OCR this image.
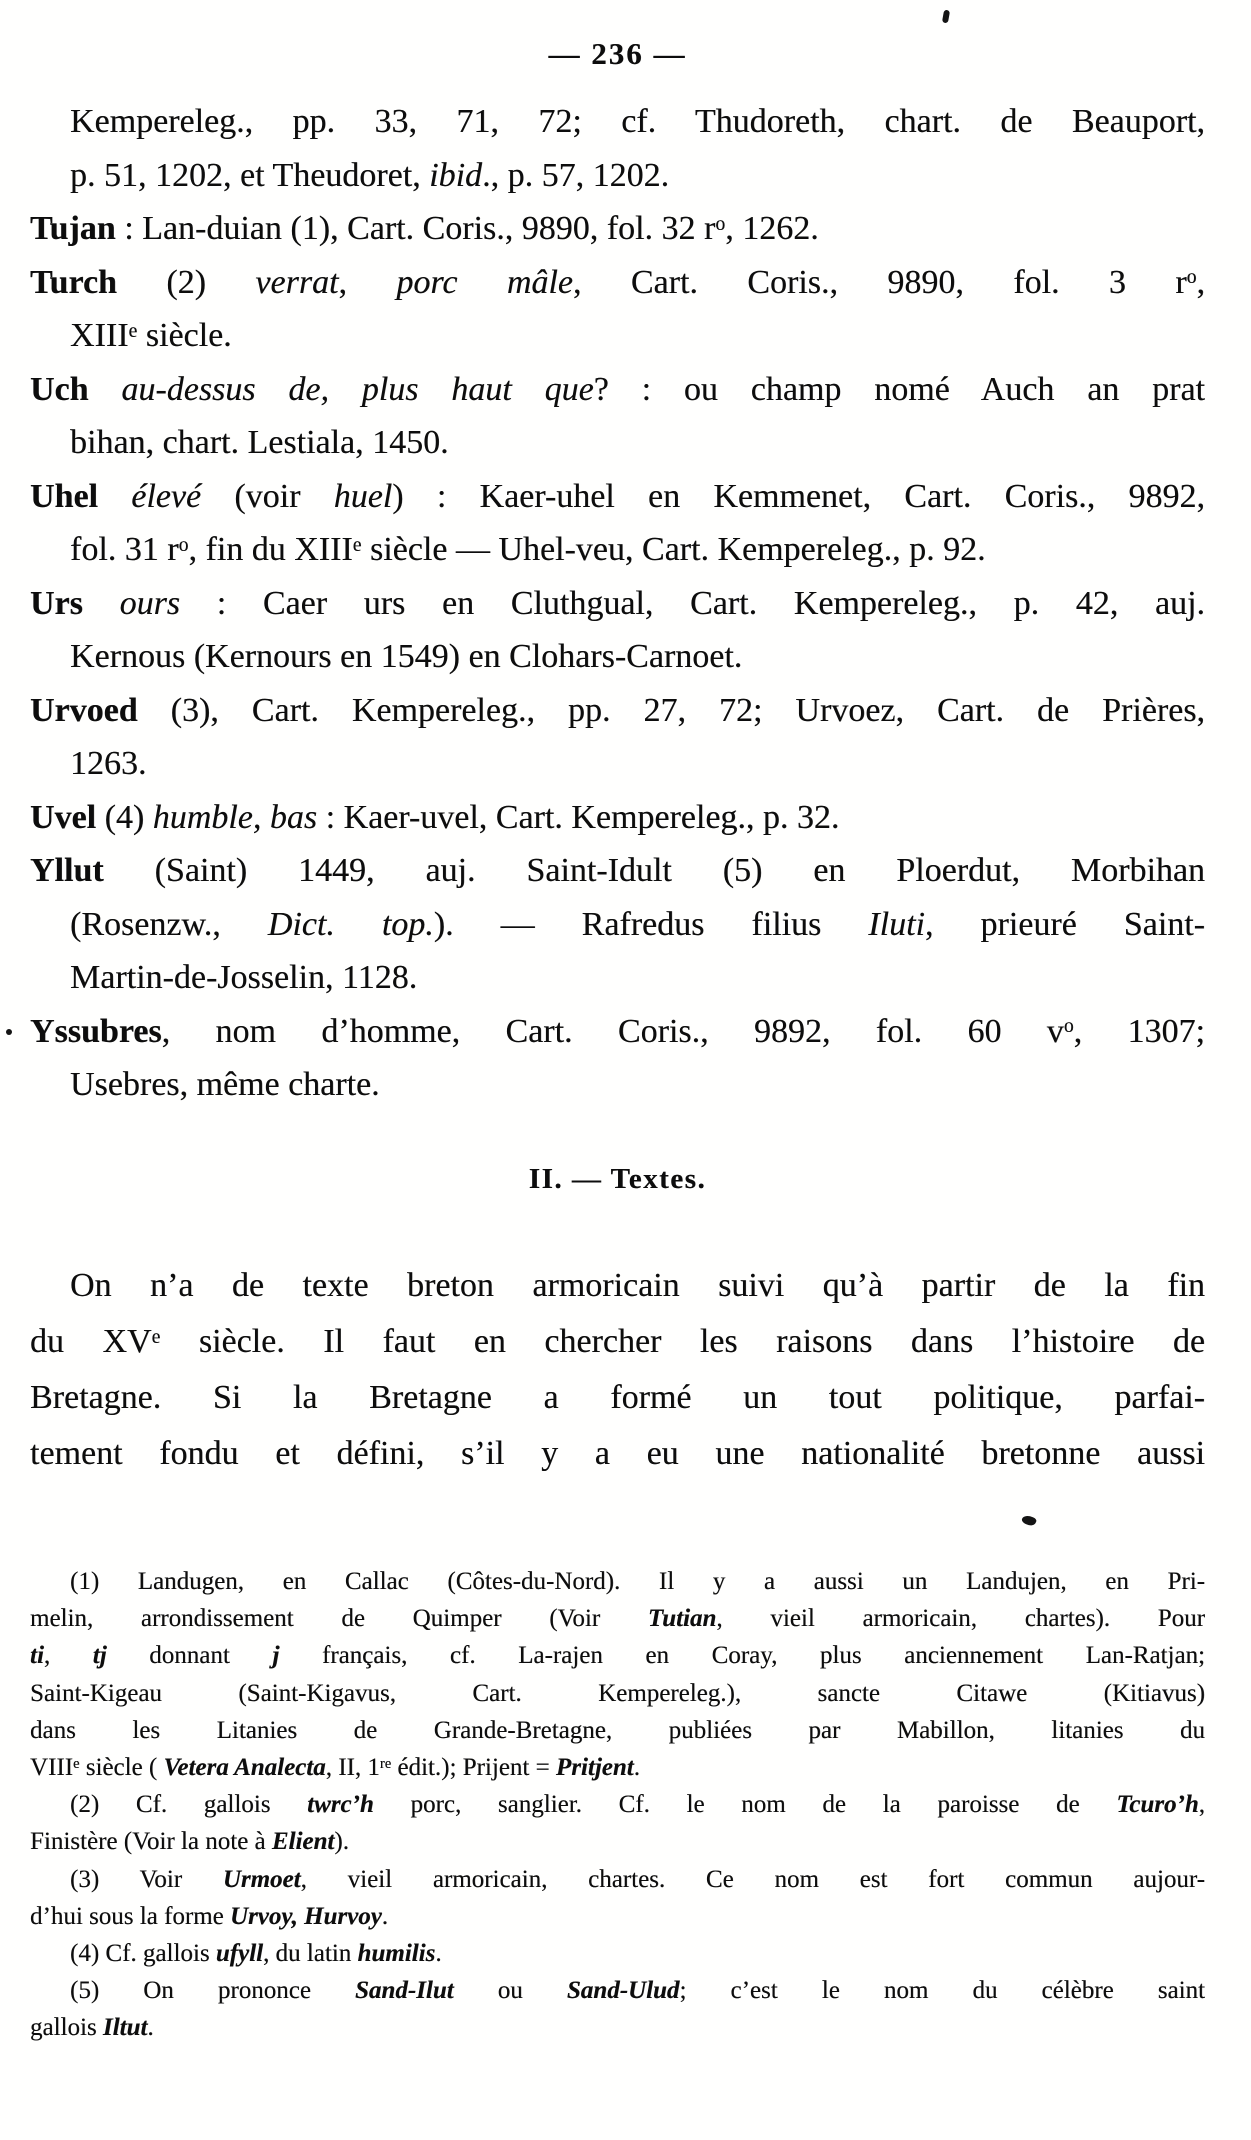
— 236 —
Kempereleg., pp. 33, 71, 72; cf. Thudoreth, chart. de Beauport,
p. 51, 1202, et Theudoret, ibid., p. 57, 1202.
Tujan : Lan-duian (1), Cart. Coris., 9890, fol. 32 $r^o$, 1262.
Turch (2) verrat, porc mâle, Cart. Coris., 9890, fol. 3 $r^o$,
XIIIe siècle.
Uch au-dessus de, plus haut que? : ou champ nomé Auch an prat
bihan, chart. Lestiala, 1450.
Uhel élevé (voir huel) : Kaer-uhel en Kemmenet, Cart. Coris., 9892,
fol. 31 $r^o$, fin du XIIIe siècle — Uhel-veu, Cart. Kempereleg., p. 92.
Urs ours : Caer urs en Cluthgual, Cart. Kempereleg., p. 42, auj.
Kernous (Kernours en 1549) en Clohars-Carnoet.
Urvoed (3), Cart. Kempereleg., pp. 27, 72; Urvoez, Cart. de Prières,
1263.
Uvel (4) humble, bas : Kaer-uvel, Cart. Kempereleg., p. 32.
Yllut (Saint) 1449, auj. Saint-Idult (5) en Ploerdut, Morbihan
(Rosenzw., Dict. top.). — Rafredus filius Iluti, prieuré Saint-
Martin-de-Josselin, 1128.
Yssubres, nom d’homme, Cart. Coris., 9892, fol. 60 $v^o$, 1307;
Usebres, même charte.
II. — Textes.
On n’a de texte breton armoricain suivi qu’à partir de la fin
du XVe siècle. Il faut en chercher les raisons dans l’histoire de
Bretagne. Si la Bretagne a formé un tout politique, parfai-
tement fondu et défini, s’il y a eu une nationalité bretonne aussi
(1) Landugen, en Callac (Côtes-du-Nord). Il y a aussi un Landujen, en Pri-
melin, arrondissement de Quimper (Voir Tutian, vieil armoricain, chartes). Pour
ti, tj donnant j français, cf. La-rajen en Coray, plus anciennement Lan-Ratjan;
Saint-Kigeau (Saint-Kigavus, Cart. Kempereleg.), sancte Citawe (Kitiavus)
dans les Litanies de Grande-Bretagne, publiées par Mabillon, litanies du
VIIIe siècle ( Vetera Analecta, II, 1re édit.); Prijent = Pritjent.
(2) Cf. gallois twrc’h porc, sanglier. Cf. le nom de la paroisse de Tcuro’h,
Finistère (Voir la note à Elient).
(3) Voir Urmoet, vieil armoricain, chartes. Ce nom est fort commun aujour-
d’hui sous la forme Urvoy, Hurvoy.
(4) Cf. gallois ufyll, du latin humilis.
(5) On prononce Sand-Ilut ou Sand-Ulud; c’est le nom du célèbre saint
gallois Iltut.
